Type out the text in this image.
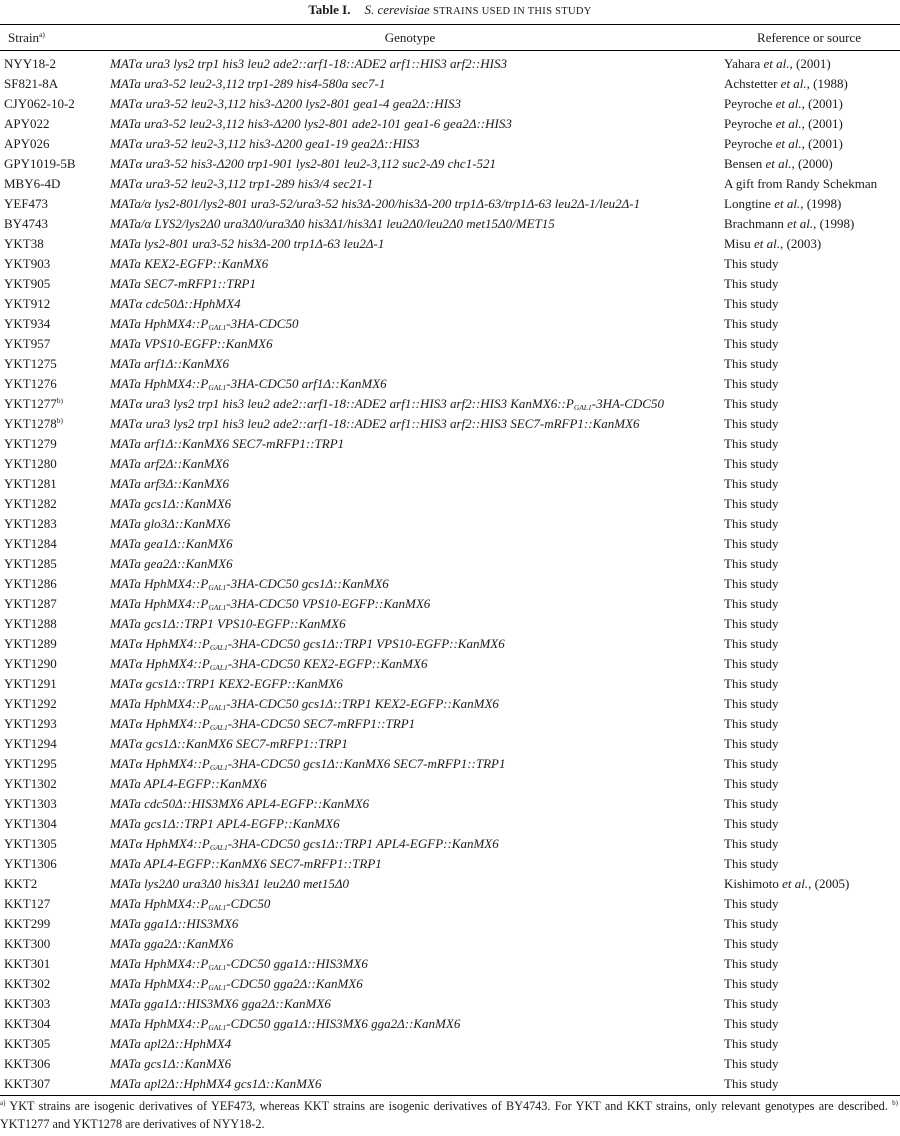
Table I. S. cerevisiae STRAINS USED IN THIS STUDY
Strain$^{a)}$	Genotype	Reference or source
NYY18-2	MATα ura3 lys2 trp1 his3 leu2 ade2::arf1-18::ADE2 arf1::HIS3 arf2::HIS3	Yahara et al., (2001)
SF821-8A	MATa ura3-52 leu2-3,112 trp1-289 his4-580a sec7-1	Achstetter et al., (1988)
CJY062-10-2	MATα ura3-52 leu2-3,112 his3-Δ200 lys2-801 gea1-4 gea2Δ::HIS3	Peyroche et al., (2001)
APY022	MATa ura3-52 leu2-3,112 his3-Δ200 lys2-801 ade2-101 gea1-6 gea2Δ::HIS3	Peyroche et al., (2001)
APY026	MATα ura3-52 leu2-3,112 his3-Δ200 gea1-19 gea2Δ::HIS3	Peyroche et al., (2001)
GPY1019-5B	MATα ura3-52 his3-Δ200 trp1-901 lys2-801 leu2-3,112 suc2-Δ9 chc1-521	Bensen et al., (2000)
MBY6-4D	MATα ura3-52 leu2-3,112 trp1-289 his3/4 sec21-1	A gift from Randy Schekman
YEF473	MATa/α lys2-801/lys2-801 ura3-52/ura3-52 his3Δ-200/his3Δ-200 trp1Δ-63/trp1Δ-63 leu2Δ-1/leu2Δ-1	Longtine et al., (1998)
BY4743	MATa/α LYS2/lys2Δ0 ura3Δ0/ura3Δ0 his3Δ1/his3Δ1 leu2Δ0/leu2Δ0 met15Δ0/MET15	Brachmann et al., (1998)
YKT38	MATa lys2-801 ura3-52 his3Δ-200 trp1Δ-63 leu2Δ-1	Misu et al., (2003)
YKT903	MATa KEX2-EGFP::KanMX6	This study
YKT905	MATa SEC7-mRFP1::TRP1	This study
YKT912	MATα cdc50Δ::HphMX4	This study
YKT934	MATa $HphMX4::P_{GAL1}-3HA-CDC50$	This study
YKT957	MATa VPS10-EGFP::KanMX6	This study
YKT1275	MATa arf1Δ::KanMX6	This study
YKT1276	MATa $HphMX4::P_{GAL1}-3HA-CDC50$ arf1Δ::KanMX6	This study
YKT1277$^{b)}$	MATα ura3 lys2 trp1 his3 leu2 ade2::arf1-18::ADE2 arf1::HIS3 arf2::HIS3 $KanMX6::P_{GAL1}-3HA-CDC50$	This study
YKT1278$^{b)}$	MATα ura3 lys2 trp1 his3 leu2 ade2::arf1-18::ADE2 arf1::HIS3 arf2::HIS3 SEC7-mRFP1::KanMX6	This study
YKT1279	MATa arf1Δ::KanMX6 SEC7-mRFP1::TRP1	This study
YKT1280	MATa arf2Δ::KanMX6	This study
YKT1281	MATa arf3Δ::KanMX6	This study
YKT1282	MATa gcs1Δ::KanMX6	This study
YKT1283	MATa glo3Δ::KanMX6	This study
YKT1284	MATa gea1Δ::KanMX6	This study
YKT1285	MATa gea2Δ::KanMX6	This study
YKT1286	MATa $HphMX4::P_{GAL1}-3HA-CDC50$ gcs1Δ::KanMX6	This study
YKT1287	MATa $HphMX4::P_{GAL1}-3HA-CDC50$ VPS10-EGFP::KanMX6	This study
YKT1288	MATa gcs1Δ::TRP1 VPS10-EGFP::KanMX6	This study
YKT1289	MATα $HphMX4::P_{GAL1}-3HA-CDC50$ gcs1Δ::TRP1 VPS10-EGFP::KanMX6	This study
YKT1290	MATα $HphMX4::P_{GAL1}-3HA-CDC50$ KEX2-EGFP::KanMX6	This study
YKT1291	MATα gcs1Δ::TRP1 KEX2-EGFP::KanMX6	This study
YKT1292	MATa $HphMX4::P_{GAL1}-3HA-CDC50$ gcs1Δ::TRP1 KEX2-EGFP::KanMX6	This study
YKT1293	MATα $HphMX4::P_{GAL1}-3HA-CDC50$ SEC7-mRFP1::TRP1	This study
YKT1294	MATα gcs1Δ::KanMX6 SEC7-mRFP1::TRP1	This study
YKT1295	MATα $HphMX4::P_{GAL1}-3HA-CDC50$ gcs1Δ::KanMX6 SEC7-mRFP1::TRP1	This study
YKT1302	MATa APL4-EGFP::KanMX6	This study
YKT1303	MATa cdc50Δ::HIS3MX6 APL4-EGFP::KanMX6	This study
YKT1304	MATa gcs1Δ::TRP1 APL4-EGFP::KanMX6	This study
YKT1305	MATα $HphMX4::P_{GAL1}-3HA-CDC50$ gcs1Δ::TRP1 APL4-EGFP::KanMX6	This study
YKT1306	MATa APL4-EGFP::KanMX6 SEC7-mRFP1::TRP1	This study
KKT2	MATa lys2Δ0 ura3Δ0 his3Δ1 leu2Δ0 met15Δ0	Kishimoto et al., (2005)
KKT127	MATa $HphMX4::P_{GAL1}-CDC50$	This study
KKT299	MATa gga1Δ::HIS3MX6	This study
KKT300	MATa gga2Δ::KanMX6	This study
KKT301	MATa $HphMX4::P_{GAL1}-CDC50$ gga1Δ::HIS3MX6	This study
KKT302	MATa $HphMX4::P_{GAL1}-CDC50$ gga2Δ::KanMX6	This study
KKT303	MATa gga1Δ::HIS3MX6 gga2Δ::KanMX6	This study
KKT304	MATa $HphMX4::P_{GAL1}-CDC50$ gga1Δ::HIS3MX6 gga2Δ::KanMX6	This study
KKT305	MATa apl2Δ::HphMX4	This study
KKT306	MATa gcs1Δ::KanMX6	This study
KKT307	MATa apl2Δ::HphMX4 gcs1Δ::KanMX6	This study
$^{a)}$ YKT strains are isogenic derivatives of YEF473, whereas KKT strains are isogenic derivatives of BY4743. For YKT and KKT strains, only relevant genotypes are described. $^{b)}$ YKT1277 and YKT1278 are derivatives of NYY18-2.
